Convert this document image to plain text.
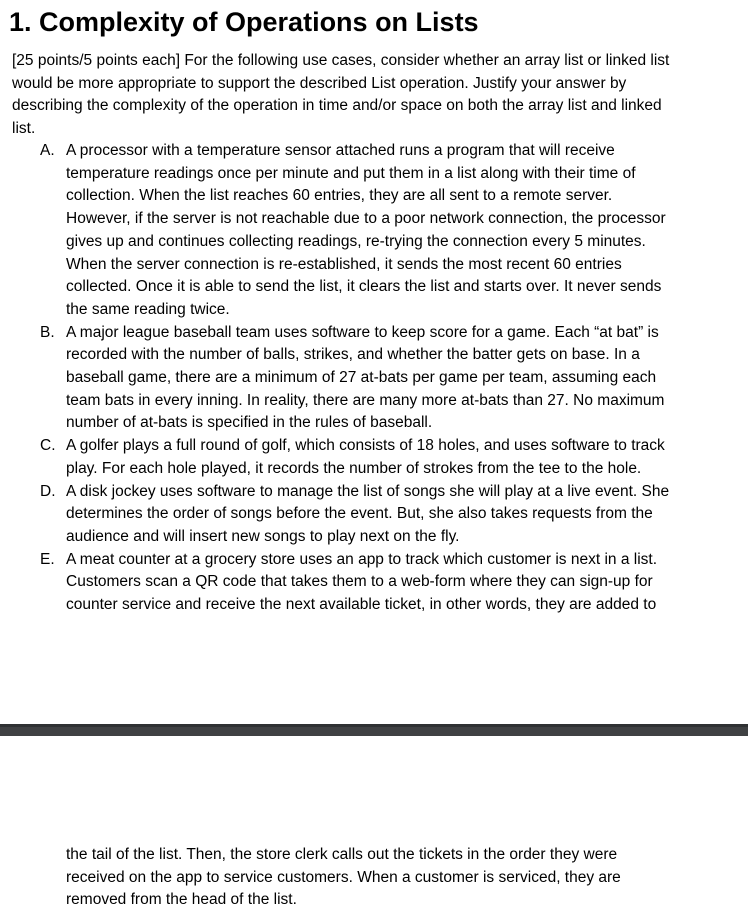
1. Complexity of Operations on Lists

[25 points/5 points each] For the following use cases, consider whether an array list or linked list
would be more appropriate to support the described List operation. Justify your answer by
describing the complexity of the operation in time and/or space on both the array list and linked
list.

A. A processor with a temperature sensor attached runs a program that will receive
temperature readings once per minute and put them in a list along with their time of
collection. When the list reaches 60 entries, they are all sent to a remote server.
However, if the server is not reachable due to a poor network connection, the processor
gives up and continues collecting readings, re-trying the connection every 5 minutes.
When the server connection is re-established, it sends the most recent 60 entries
collected. Once it is able to send the list, it clears the list and starts over. It never sends
the same reading twice.
B. A major league baseball team uses software to keep score for a game. Each “at bat” is
recorded with the number of balls, strikes, and whether the batter gets on base. In a
baseball game, there are a minimum of 27 at-bats per game per team, assuming each
team bats in every inning. In reality, there are many more at-bats than 27. No maximum
number of at-bats is specified in the rules of baseball.
C. A golfer plays a full round of golf, which consists of 18 holes, and uses software to track
play. For each hole played, it records the number of strokes from the tee to the hole.
D. A disk jockey uses software to manage the list of songs she will play at a live event. She
determines the order of songs before the event. But, she also takes requests from the
audience and will insert new songs to play next on the fly.
E. A meat counter at a grocery store uses an app to track which customer is next in a list.
Customers scan a QR code that takes them to a web-form where they can sign-up for
counter service and receive the next available ticket, in other words, they are added to

the tail of the list. Then, the store clerk calls out the tickets in the order they were
received on the app to service customers. When a customer is serviced, they are
removed from the head of the list.
